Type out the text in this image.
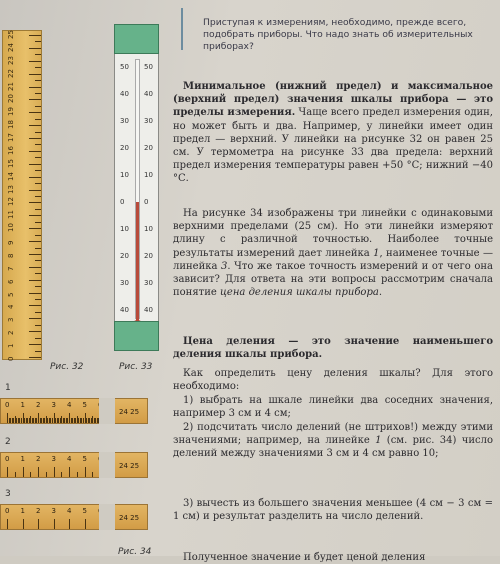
0
1
2
3
4
5
6
7
8
9
10
11
12
13
14
15
16
17
18
19
20
21
22
23
24
25
Рис. 32
50 50
40 40
30 30
20 20
10 10
0	0
10 10
20 20
30 30
40 40
Рис. 33
1
0 1 2 3 4 5
24 25
2
0 1 2 3 4 5
24 25
3
0 1 2 3 4 5
24 25
Рис. 34

Приступая к измерениям, необходимо, прежде всего, подобрать приборы. Что надо знать об измерительных приборах?

 Минимальное (нижний предел) и максимальное (верхний предел) значения шкалы прибора — это пределы измерения. Чаще всего предел измерения один, но может быть и два. Например, у линейки имеет один предел — верхний. У линейки на рисунке 32 он равен 25 см. У термометра на рисунке 33 два предела: верхний предел измерения температуры равен +50 °С; нижний −40 °С.

 На рисунке 34 изображены три линейки с одинаковыми верхними пределами (25 см). Но эти линейки измеряют длину с различной точностью. Наиболее точные результаты измерений дает линейка 1, наименее точные — линейка 3. Что же такое точность измерений и от чего она зависит? Для ответа на эти вопросы рассмотрим сначала понятие цена деления шкалы прибора.

 Цена деления — это значение наименьшего деления шкалы прибора.

 Как определить цену деления шкалы? Для этого необходимо:

 1) выбрать на шкале линейки два соседних значения, например 3 см и 4 см;

 2) подсчитать число делений (не штрихов!) между этими значениями; например, на линейке 1 (см. рис. 34) число делений между значениями 3 см и 4 см равно 10;

 3) вычесть из большего значения меньшее (4 см − 3 см = 1 см) и результат разделить на число делений.

 Полученное значение и будет ценой деления
